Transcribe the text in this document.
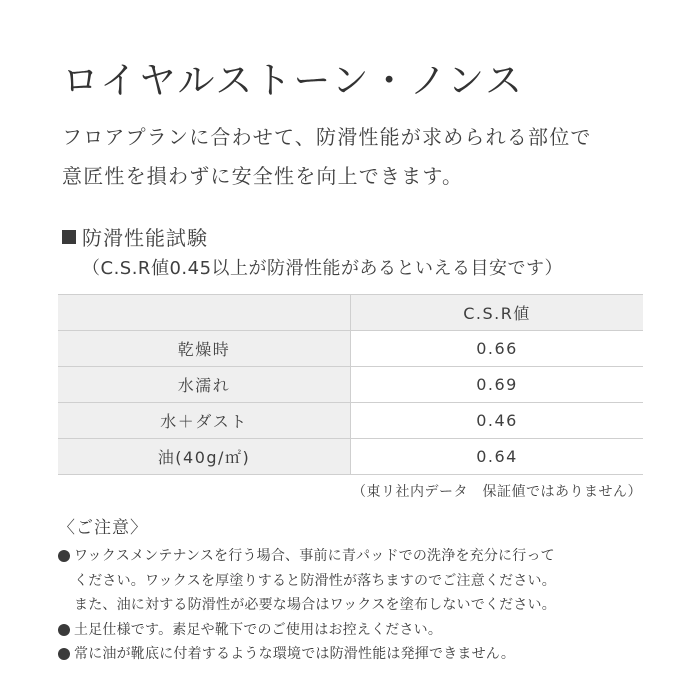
ロイヤルストーン・ノンス
フロアプランに合わせて、防滑性能が求められる部位で
意匠性を損わずに安全性を向上できます。
防滑性能試験
（C.S.R値0.45以上が防滑性能があるといえる目安です）
	C.S.R値
乾燥時	0.66
水濡れ	0.69
水＋ダスト	0.46
油(40g/㎡)	0.64
（東リ社内データ　保証値ではありません）
〈ご注意〉
ワックスメンテナンスを行う場合、事前に青パッドでの洗浄を充分に行って
ください。ワックスを厚塗りすると防滑性が落ちますのでご注意ください。
また、油に対する防滑性が必要な場合はワックスを塗布しないでください。
土足仕様です。素足や靴下でのご使用はお控えください。
常に油が靴底に付着するような環境では防滑性能は発揮できません。
